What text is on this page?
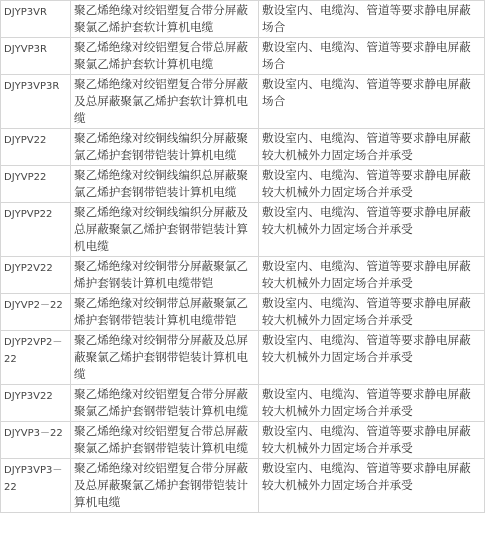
DJYP3VR	聚乙烯绝缘对绞铝塑复合带分屏蔽聚氯乙烯护套软计算机电缆	敷设室内、电缆沟、管道等要求静电屏蔽场合
DJYVP3R	聚乙烯绝缘对绞铝塑复合带总屏蔽聚氯乙烯护套软计算机电缆	敷设室内、电缆沟、管道等要求静电屏蔽场合
DJYP3VP3R	聚乙烯绝缘对绞铝塑复合带分屏蔽及总屏蔽聚氯乙烯护套软计算机电缆	敷设室内、电缆沟、管道等要求静电屏蔽场合
DJYPV22	聚乙烯绝缘对绞铜线编织分屏蔽聚氯乙烯护套钢带铠装计算机电缆	敷设室内、电缆沟、管道等要求静电屏蔽较大机械外力固定场合并承受
DJYVP22	聚乙烯绝缘对绞铜线编织总屏蔽聚氯乙烯护套钢带铠装计算机电缆	敷设室内、电缆沟、管道等要求静电屏蔽较大机械外力固定场合并承受
DJYPVP22	聚乙烯绝缘对绞铜线编织分屏蔽及总屏蔽聚氯乙烯护套钢带铠装计算机电缆	敷设室内、电缆沟、管道等要求静电屏蔽较大机械外力固定场合并承受
DJYP2V22	聚乙烯绝缘对绞铜带分屏蔽聚氯乙烯护套钢装计算机电缆带铠	敷设室内、电缆沟、管道等要求静电屏蔽较大机械外力固定场合并承受
DJYVP2－22	聚乙烯绝缘对绞铜带总屏蔽聚氯乙烯护套钢带铠装计算机电缆带铠	敷设室内、电缆沟、管道等要求静电屏蔽较大机械外力固定场合并承受
DJYP2VP2－22	聚乙烯绝缘对绞铜带分屏蔽及总屏蔽聚氯乙烯护套钢带铠装计算机电缆	敷设室内、电缆沟、管道等要求静电屏蔽较大机械外力固定场合并承受
DJYP3V22	聚乙烯绝缘对绞铝塑复合带分屏蔽聚氯乙烯护套钢带铠装计算机电缆	敷设室内、电缆沟、管道等要求静电屏蔽较大机械外力固定场合并承受
DJYVP3－22	聚乙烯绝缘对绞铝塑复合带总屏蔽聚氯乙烯护套钢带铠装计算机电缆	敷设室内、电缆沟、管道等要求静电屏蔽较大机械外力固定场合并承受
DJYP3VP3－22	聚乙烯绝缘对绞铝塑复合带分屏蔽及总屏蔽聚氯乙烯护套钢带铠装计算机电缆	敷设室内、电缆沟、管道等要求静电屏蔽较大机械外力固定场合并承受
